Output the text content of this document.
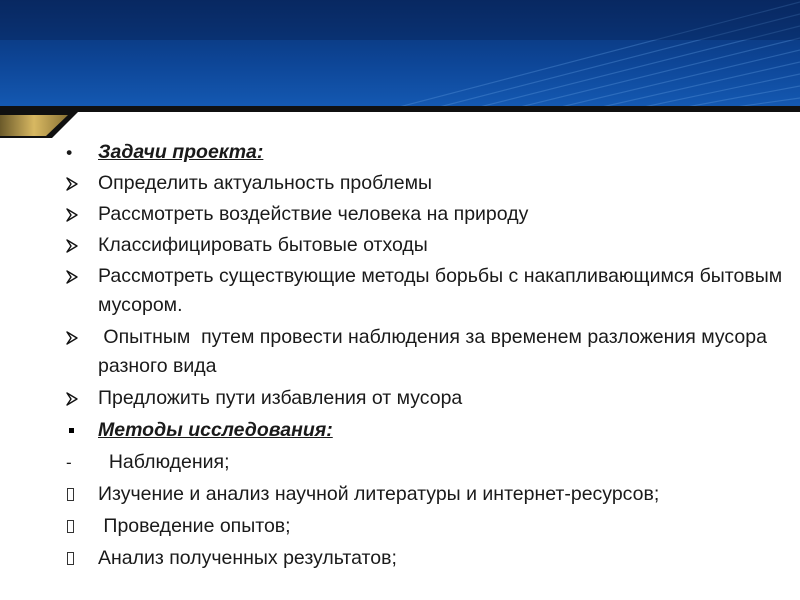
•	Задачи проекта:
Определить актуальность проблемы
Рассмотреть воздействие человека на природу
Классифицировать бытовые отходы
Рассмотреть существующие методы борьбы с накапливающимся бытовым мусором.
Опытным  путем провести наблюдения за временем разложения мусора разного вида
Предложить пути избавления от мусора
Методы исследования:
-	Наблюдения;
Изучение и анализ научной литературы и интернет-ресурсов;
Проведение опытов;
Анализ полученных результатов;
